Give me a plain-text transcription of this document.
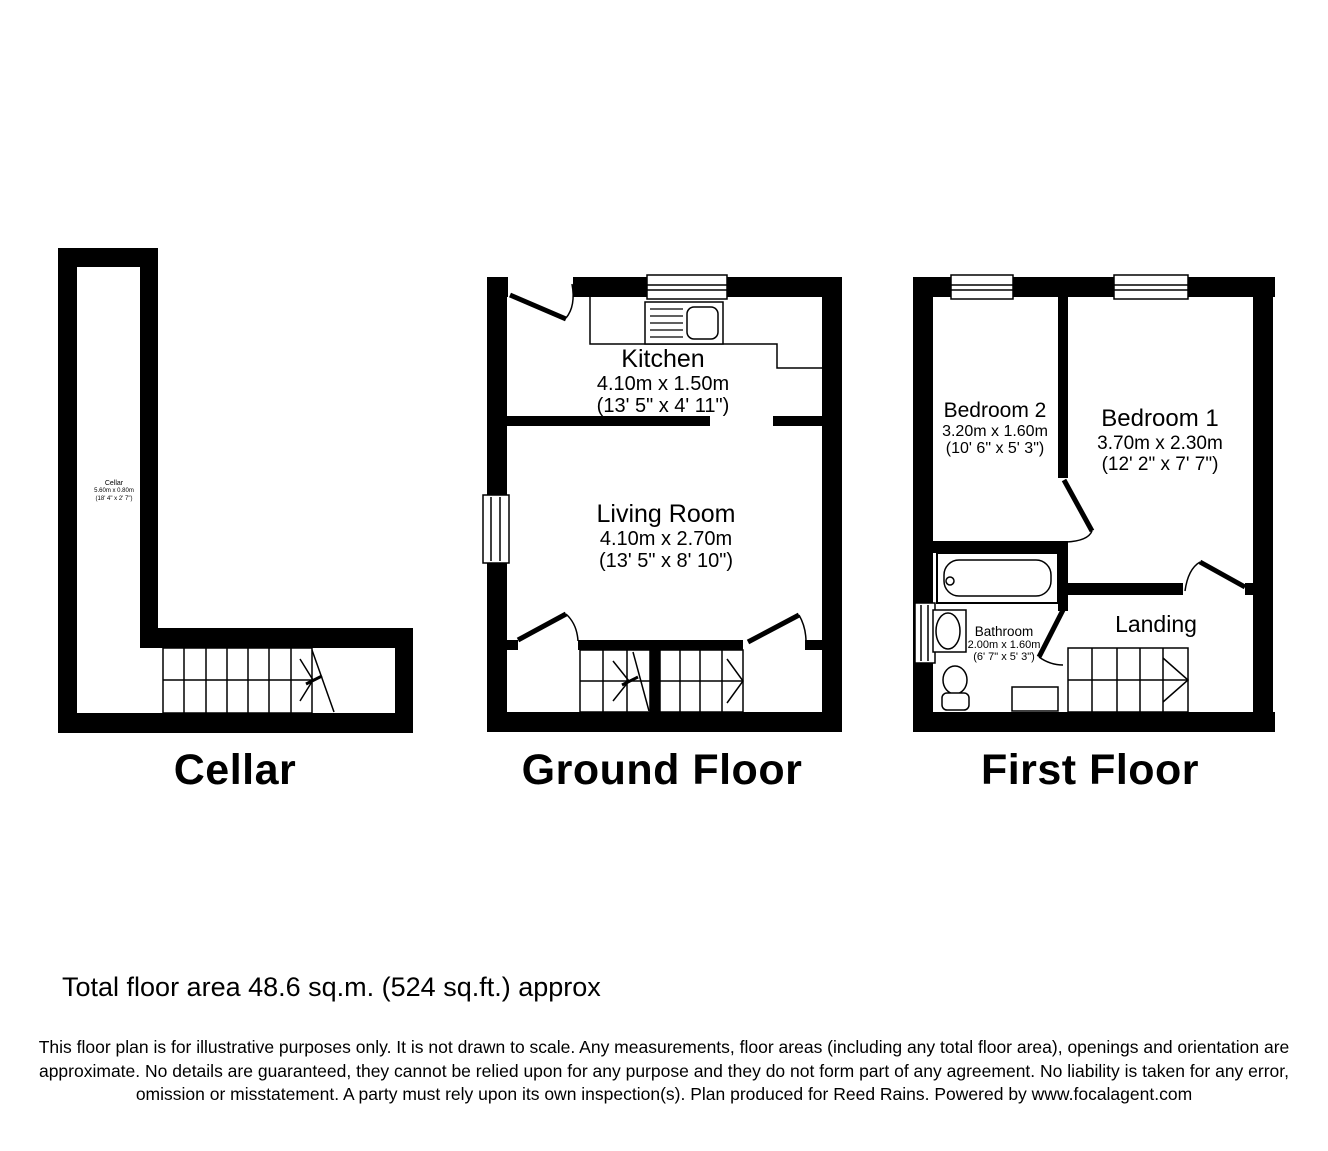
Cellar
5.60m x 0.80m
(18' 4" x 2' 7")
Kitchen
4.10m x 1.50m
(13' 5" x 4' 11")
Living Room
4.10m x 2.70m
(13' 5" x 8' 10")
Bedroom 2
3.20m x 1.60m
(10' 6" x 5' 3")
Bedroom 1
3.70m x 2.30m
(12' 2" x 7' 7")
Bathroom
2.00m x 1.60m
(6' 7" x 5' 3")
Landing
Cellar	Ground Floor	First Floor
Total floor area 48.6 sq.m. (524 sq.ft.) approx
This floor plan is for illustrative purposes only. It is not drawn to scale. Any measurements, floor areas (including any total floor area), openings and orientation are approximate. No details are guaranteed, they cannot be relied upon for any purpose and they do not form part of any agreement. No liability is taken for any error, omission or misstatement. A party must rely upon its own inspection(s). Plan produced for Reed Rains. Powered by www.focalagent.com
